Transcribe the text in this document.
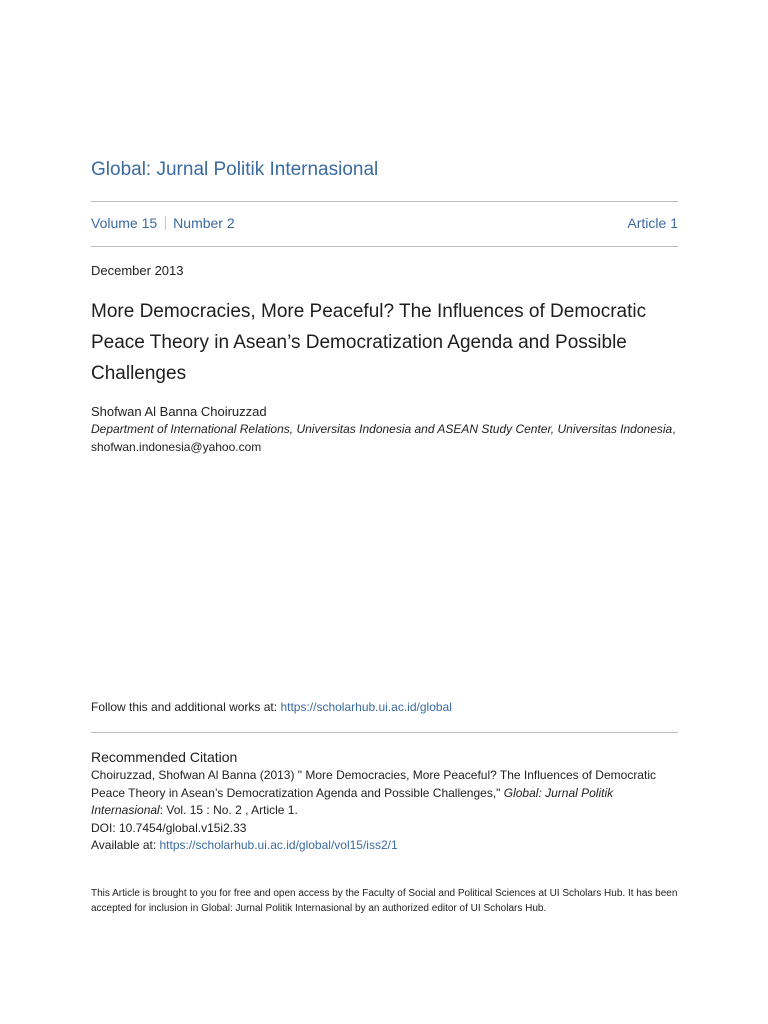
Global: Jurnal Politik Internasional
Volume 15 Number 2	Article 1
December 2013
More Democracies, More Peaceful? The Influences of Democratic Peace Theory in Asean’s Democratization Agenda and Possible Challenges
Shofwan Al Banna Choiruzzad
Department of International Relations, Universitas Indonesia and ASEAN Study Center, Universitas Indonesia, shofwan.indonesia@yahoo.com
Follow this and additional works at: https://scholarhub.ui.ac.id/global
Recommended Citation
Choiruzzad, Shofwan Al Banna (2013) " More Democracies, More Peaceful? The Influences of Democratic Peace Theory in Asean’s Democratization Agenda and Possible Challenges," Global: Jurnal Politik Internasional: Vol. 15 : No. 2 , Article 1.
DOI: 10.7454/global.v15i2.33
Available at: https://scholarhub.ui.ac.id/global/vol15/iss2/1
This Article is brought to you for free and open access by the Faculty of Social and Political Sciences at UI Scholars Hub. It has been accepted for inclusion in Global: Jurnal Politik Internasional by an authorized editor of UI Scholars Hub.
